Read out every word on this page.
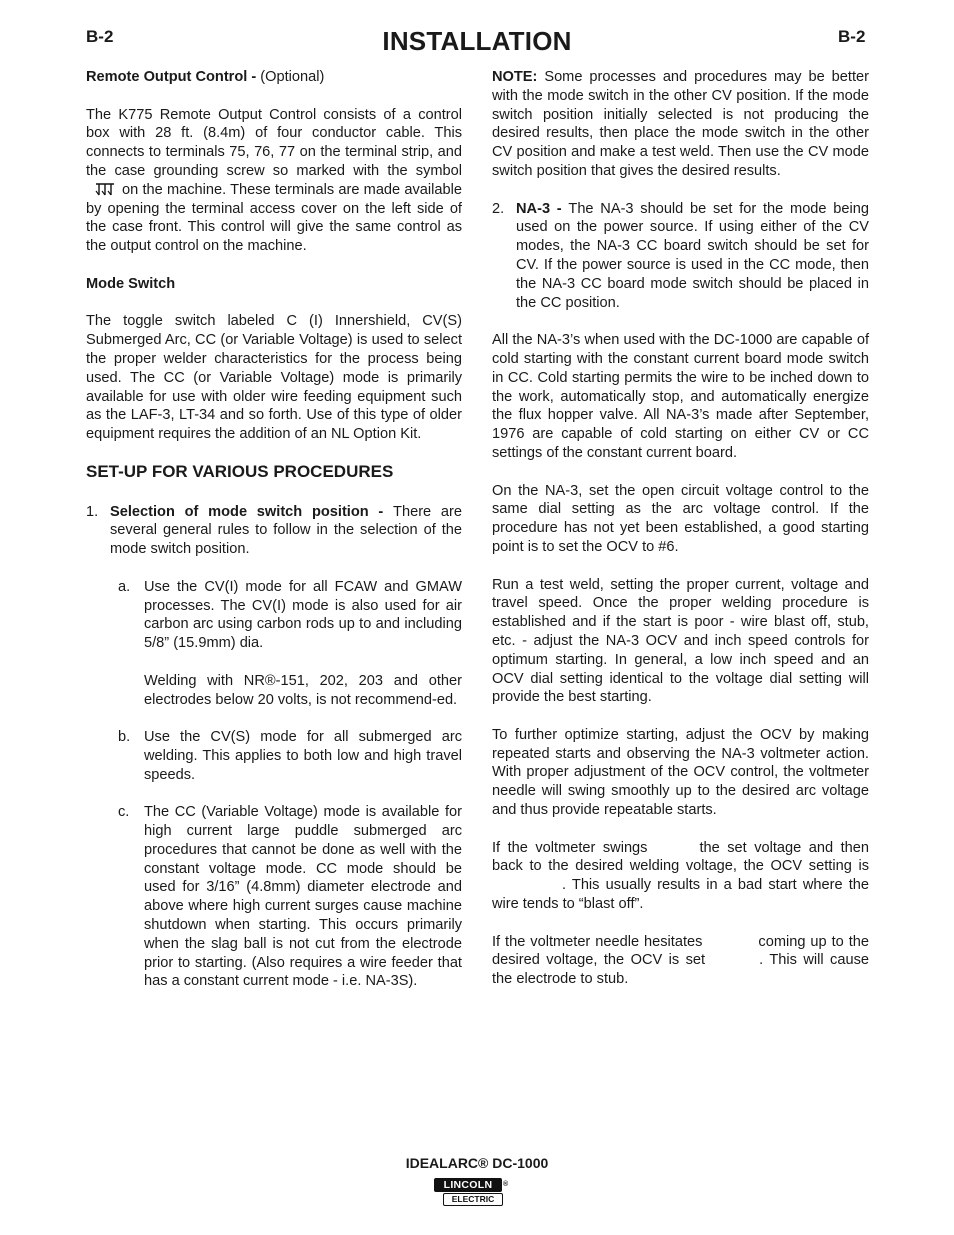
B-2	INSTALLATION	B-2

Remote Output Control - (Optional)

The K775 Remote Output Control consists of a control box with 28 ft. (8.4m) of four conductor cable. This connects to terminals 75, 76, 77 on the terminal strip, and the case grounding screw so marked with the symbolon the machine. These terminals are made available by opening the terminal access cover on the left side of the case front. This control will give the same control as the output control on the machine.

Mode Switch

The toggle switch labeled C (I) Innershield, CV(S) Submerged Arc, CC (or Variable Voltage) is used to select the proper welder characteristics for the process being used. The CC (or Variable Voltage) mode is primarily available for use with older wire feeding equipment such as the LAF-3, LT-34 and so forth. Use of this type of older equipment requires the addition of an NL Option Kit.

SET-UP FOR VARIOUS PROCEDURES
1. Selection of mode switch position - There are several general rules to follow in the selection of the mode switch position.
a. Use the CV(I) mode for all FCAW and GMAW processes. The CV(I) mode is also used for air carbon arc using carbon rods up to and including 5/8” (15.9mm) dia.

Welding with NR®-151, 202, 203 and other electrodes below 20 volts, is not recommend-ed.

b. Use the CV(S) mode for all submerged arc welding. This applies to both low and high travel speeds.
c. The CC (Variable Voltage) mode is available for high current large puddle submerged arc procedures that cannot be done as well with the constant voltage mode. CC mode should be used for 3/16” (4.8mm) diameter electrode and above where high current surges cause machine shutdown when starting. This occurs primarily when the slag ball is not cut from the electrode prior to starting. (Also requires a wire feeder that has a constant current mode - i.e. NA-3S).

NOTE: Some processes and procedures may be better with the mode switch in the other CV position. If the mode switch position initially selected is not producing the desired results, then place the mode switch in the other CV position and make a test weld. Then use the CV mode switch position that gives the desired results.

2. NA-3 - The NA-3 should be set for the mode being used on the power source. If using either of the CV modes, the NA-3 CC board switch should be set for CV. If the power source is used in the CC mode, then the NA-3 CC board mode switch should be placed in the CC position.

All the NA-3’s when used with the DC-1000 are capable of cold starting with the constant current board mode switch in CC. Cold starting permits the wire to be inched down to the work, automatically stop, and automatically energize the flux hopper valve. All NA-3’s made after September, 1976 are capable of cold starting on either CV or CC settings of the constant current board.

On the NA-3, set the open circuit voltage control to the same dial setting as the arc voltage control. If the procedure has not yet been established, a good starting point is to set the OCV to #6.

Run a test weld, setting the proper current, voltage and travel speed. Once the proper welding procedure is established and if the start is poor - wire blast off, stub, etc. - adjust the NA-3 OCV and inch speed controls for optimum starting. In general, a low inch speed and an OCV dial setting identical to the voltage dial setting will provide the best starting.

To further optimize starting, adjust the OCV by making repeated starts and observing the NA-3 voltmeter action. With proper adjustment of the OCV control, the voltmeter needle will swing smoothly up to the desired arc voltage and thus provide repeatable starts.

If the voltmeter swings	the set voltage and then back to the desired welding voltage, the OCV setting is. This usually results in a bad start where the wire tends to “blast off”.

If the voltmeter needle hesitates	coming up to the desired voltage, the OCV is set	. This will cause the electrode to stub.

IDEALARC® DC-1000
LINCOLN
ELECTRIC
®
